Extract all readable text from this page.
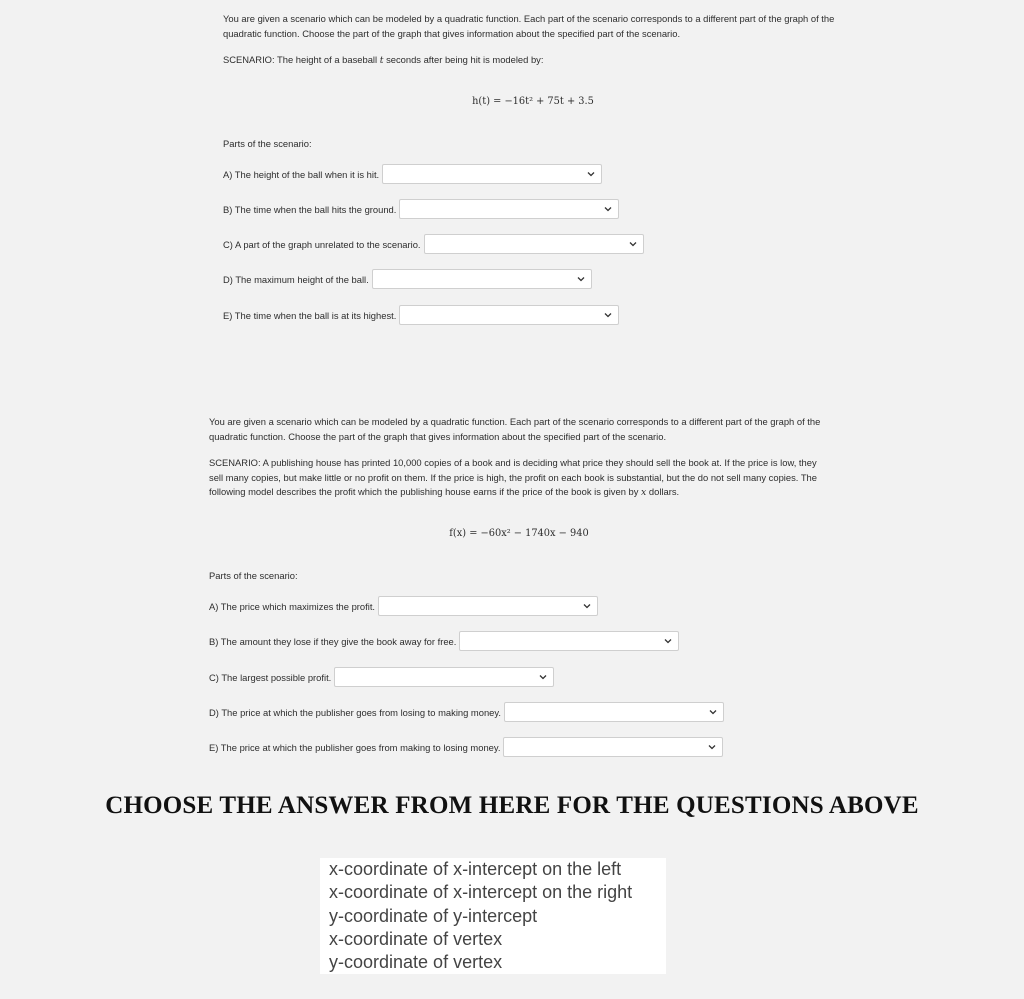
You are given a scenario which can be modeled by a quadratic function. Each part of the scenario corresponds to a different part of the graph of the quadratic function. Choose the part of the graph that gives information about the specified part of the scenario.

SCENARIO: The height of a baseball t seconds after being hit is modeled by:

h(t) = −16t² + 75t + 3.5
Parts of the scenario:
A) The height of the ball when it is hit.
B) The time when the ball hits the ground.
C) A part of the graph unrelated to the scenario.
D) The maximum height of the ball.
E) The time when the ball is at its highest.

You are given a scenario which can be modeled by a quadratic function. Each part of the scenario corresponds to a different part of the graph of the quadratic function. Choose the part of the graph that gives information about the specified part of the scenario.

SCENARIO: A publishing house has printed 10,000 copies of a book and is deciding what price they should sell the book at. If the price is low, they sell many copies, but make little or no profit on them. If the price is high, the profit on each book is substantial, but the do not sell many copies. The following model describes the profit which the publishing house earns if the price of the book is given by x dollars.

f(x) = −60x² − 1740x − 940
Parts of the scenario:
A) The price which maximizes the profit.
B) The amount they lose if they give the book away for free.
C) The largest possible profit.
D) The price at which the publisher goes from losing to making money.
E) The price at which the publisher goes from making to losing money.
CHOOSE THE ANSWER FROM HERE FOR THE QUESTIONS ABOVE
x-coordinate of x-intercept on the left
x-coordinate of x-intercept on the right
y-coordinate of y-intercept
x-coordinate of vertex
y-coordinate of vertex
